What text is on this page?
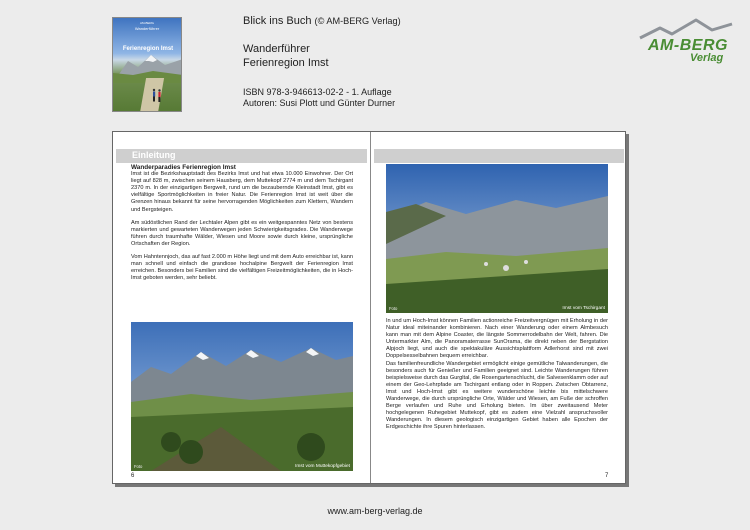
AM-BERG
Wanderführer
Ferienregion Imst
Blick ins Buch (© AM-BERG Verlag)
Wanderführer
Ferienregion Imst
ISBN 978-3-946613-02-2 - 1. Auflage
Autoren: Susi Plott und Günter Durner
AM-BERG
Verlag
Einleitung
Wanderparadies Ferienregion Imst

Imst ist die Bezirkshauptstadt des Bezirks Imst und hat etwa 10.000 Einwohner. Der Ort liegt auf 828 m, zwischen seinem Hausberg, dem Muttekopf 2774 m und dem Tschirgant 2370 m. In der einzigartigen Bergwelt, rund um die bezaubernde Kleinstadt Imst, gibt es vielfältige Sportmöglichkeiten in freier Natur. Die Ferienregion Imst ist weit über die Grenzen hinaus bekannt für seine hervorragenden Möglichkeiten zum Klettern, Wandern und Bergsteigen.

Am südöstlichen Rand der Lechtaler Alpen gibt es ein weitgespanntes Netz von bestens markierten und gewarteten Wanderwegen jeden Schwierigkeitsgrades. Die Wanderwege führen durch traumhafte Wälder, Wiesen und Moore sowie durch kleine, ursprüngliche Ortschaften der Region.

Vom Hahntennjoch, das auf fast 2.000 m Höhe liegt und mit dem Auto erreichbar ist, kann man schnell und einfach die grandiose hochalpine Bergwelt der Ferienregion Imst erreichen. Besonders bei Familien sind die vielfältigen Freizeitmöglichkeiten, die in Hoch-Imst geboten werden, sehr beliebt.

Foto	Imst vom Muttekopfgebiet
Foto	Imst vom Tschirgant

In und um Hoch-Imst können Familien actionreiche Freizeitvergnügen mit Erholung in der Natur ideal miteinander kombinieren. Nach einer Wanderung oder einem Almbesuch kann man mit dem Alpine Coaster, die längste Sommerrodelbahn der Welt, fahren. Die Untermarkter Alm, die Panoramaterrasse SunOrama, die direkt neben der Bergstation Alpjoch liegt, und auch die spektakuläre Aussichtsplattform Adlerhorst sind mit zwei Doppelsesselbahnen bequem erreichbar.

Das familienfreundliche Wandergebiet ermöglicht einige gemütliche Talwanderungen, die besonders auch für Genießer und Familien geeignet sind. Leichte Wanderungen führen beispielsweise durch das Gurgltal, die Rosengartenschlucht, die Salvesenklamm oder auf einem der Geo-Lehrpfade am Tschirgant entlang oder in Roppen. Zwischen Obtarrenz, Imst und Hoch-Imst gibt es weitere wunderschöne leichte bis mittelschwere Wanderwege, die durch ursprüngliche Orte, Wälder und Wiesen, am Fuße der schroffen Berge verlaufen und Ruhe und Erholung bieten. Im über zweitausend Meter hochgelegenen Ruhegebiet Muttekopf, gibt es zudem eine Vielzahl anspruchsvoller Wanderungen. In diesem geologisch einzigartigen Gebiet haben alle Epochen der Erdgeschichte ihre Spuren hinterlassen.

6	7
www.am-berg-verlag.de
